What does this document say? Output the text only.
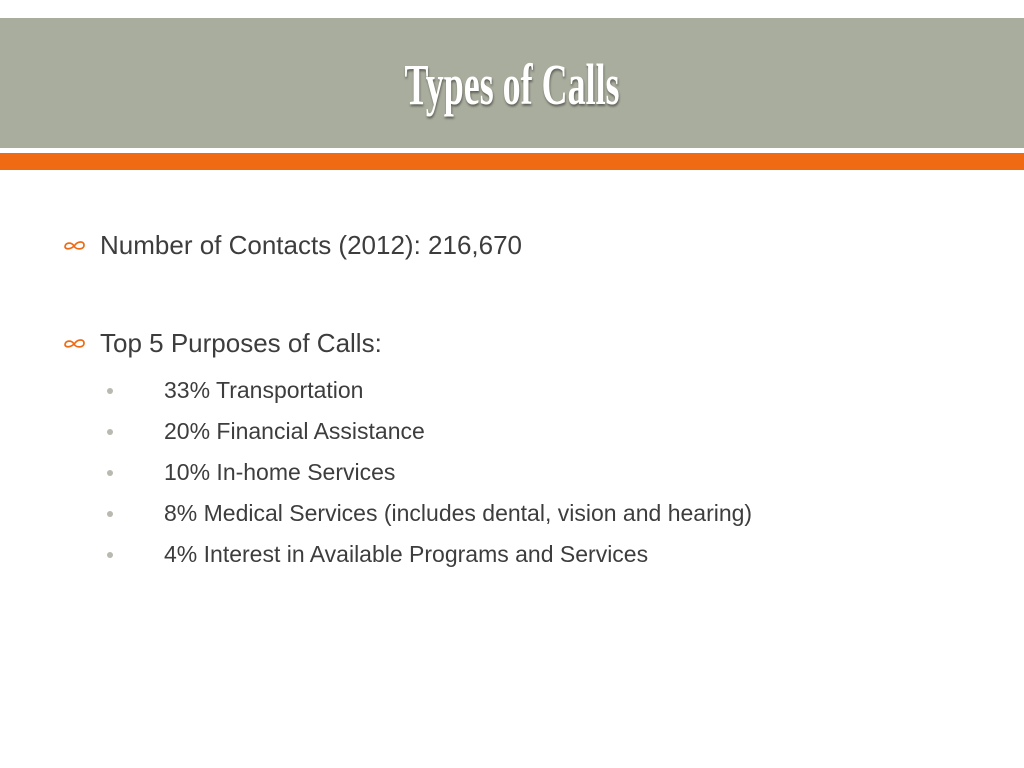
Types of Calls
Number of Contacts (2012): 216,670
Top 5 Purposes of Calls:
33% Transportation
20% Financial Assistance
10% In-home Services
8% Medical Services (includes dental, vision and hearing)
4% Interest in Available Programs and Services
